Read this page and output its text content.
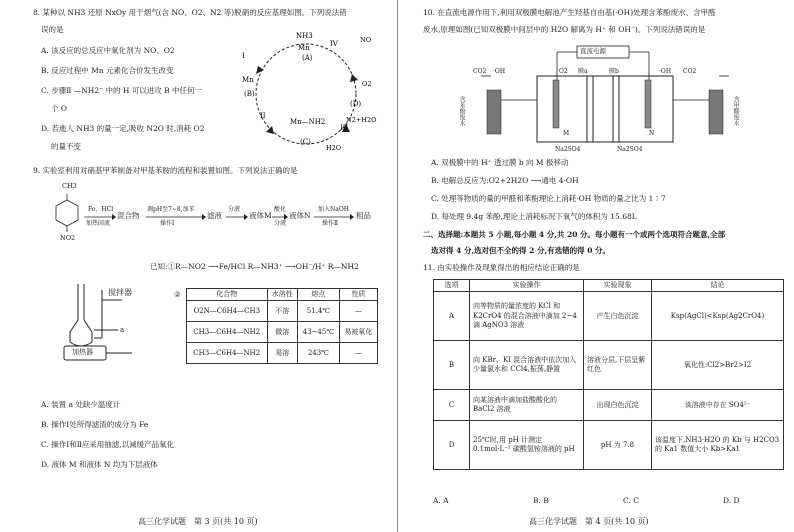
8. 某种以 NH3 还原 NxOy 用于烟气(含 NO、O2、N2 等)脱硝的反应基理如图。下列说法错
误的是
A. 该反应的总反应中氧化剂为 NO、O2
B. 反应过程中 Mn 元素化合价发生改变
C. 步骤Ⅱ —NH2⁻ 中的 H 可以进攻 B 中任何一
个 O
D. 若進人 NH3 的量一定,吸收 N2O 时,消耗 O2
的量不变
NH3
Mn
(A)
Mn
(B)
Mn—NH2
(C)
(D)
IV
II
I
III
N2+H2O
NO
O2
H2O
9. 实验室利用对硝基甲苯制备对甲基苯胺的流程和装置如图。下列说法正确的是
CH3
NO2
Fe、HCl
加热回流
混合物
调pH至7~8,加苯
操作Ⅰ
滤液
分液
液体M
酸化
分液
液体N
加入NaOH
操作Ⅱ
粗品
已知:①R—NO2 ⟶Fe/HCl R—NH3⁺ ⟶OH⁻/H⁺ R—NH2
搅拌器
a
加热器
②	化合物	水溶性	熔点	性质
O2N—C6H4—CH3	不溶	51.4℃	—
CH3—C6H4—NH2	微溶	43~45℃	易被氧化
CH3—C6H4—NH2	易溶	243℃	—
A. 装置 a 处缺少温度计
B. 操作Ⅰ处所得滤渣的成分为 Fe
C. 操作Ⅰ和Ⅱ应采用抽滤,以减缓产品氧化
D. 液体 M 和液体 N 均为下层液体
高三化学试题　第 3 页(共 10 页)
10. 在直流电源作用下,利用双极膜电解池产生羟基自由基(·OH)处理含苯酚废水、含甲醛
废水,原理如图(已知双极膜中间层中的 H2O 解离为 H⁺ 和 OH⁻)。下列说法错误的是
直流电源
CO2 ·OH	O2 膜a	膜b	CO2
·OH
含苯酚废水	含甲醛废水
M	N
Na2SO4	Na2SO4
A. 双极膜中的 H⁺ 透过膜 b 向 M 极移动
B. 电解总反应为:O2+2H2O ⟶通电 4·OH
C. 处理等物质的量的甲醛和苯酚理论上消耗·OH 物质的量之比为 1∶7
D. 每处理 9.4g 苯酚,理论上消耗标况下氧气的体积为 15.68L
二、选择题:本题共 5 小题,每小题 4 分,共 20 分。每小题有一个或两个选项符合题意,全部
选对得 4 分,选对但不全的得 2 分,有选错的得 0 分。
11. 由实验操作及现象得出的相应结论正确的是
选项	实验操作	实验现象	结论
A	向等物质的量浓度的 KCl 和 K2CrO4 的混合溶液中滴加 2~4 滴 AgNO3 溶液	产生白色沉淀	Ksp(AgCl)<Ksp(Ag2CrO4)
B	向 KBr、KI 混合溶液中依次加入少量氯水和 CCl4,振荡,静置	溶液分层,下层呈紫红色	氧化性:Cl2>Br2>I2
C	向某溶液中滴加盐酸酸化的 BaCl2 溶液	出现白色沉淀	该溶液中存在 SO4²⁻
D	25℃时,用 pH 计测定 0.1mol·L⁻¹ 碳酸氢铵溶液的 pH	pH 为 7.8	该温度下,NH3·H2O 的 Kb 与 H2CO3 的 Ka1 数值大小 Kb>Ka1
A. A	B. B	C. C	D. D
高三化学试题　第 4 页(共 10 页)
